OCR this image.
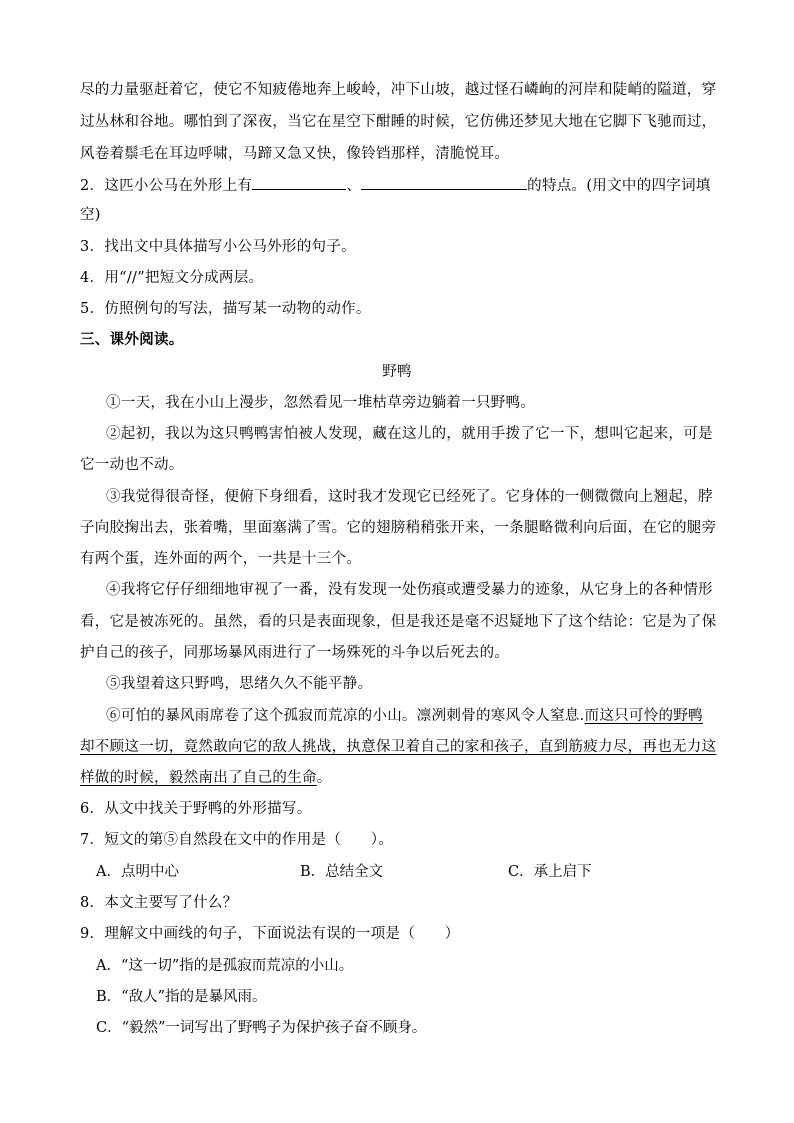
尽的力量驱赶着它，使它不知疲倦地奔上峻岭，冲下山坡，越过怪石嶙峋的河岸和陡峭的隘道，穿
过丛林和谷地。哪怕到了深夜，当它在星空下酣睡的时候，它仿佛还梦见大地在它脚下飞驰而过，
风卷着鬃毛在耳边呼啸，马蹄又急又快，像铃铛那样，清脆悦耳。
2．这匹小公马在外形上有	、	的特点。(用文中的四字词填
空)
3．找出文中具体描写小公马外形的句子。
4．用“//”把短文分成两层。
5．仿照例句的写法，描写某一动物的动作。
三、课外阅读。
野鸭
①一天，我在小山上漫步，忽然看见一堆枯草旁边躺着一只野鸭。
②起初，我以为这只鸭鸭害怕被人发现，藏在这儿的，就用手拨了它一下，想叫它起来，可是
它一动也不动。
③我觉得很奇怪，便俯下身细看，这时我才发现它已经死了。它身体的一侧微微向上翘起，脖
子向胶掬出去，张着嘴，里面塞满了雪。它的翅膀稍稍张开来，一条腿略微利向后面，在它的腿旁
有两个蛋，连外面的两个，一共是十三个。
④我将它仔仔细细地审视了一番，没有发现一处伤痕或遭受暴力的迹象，从它身上的各种情形
看，它是被冻死的。虽然，看的只是表面现象，但是我还是毫不迟疑地下了这个结论：它是为了保
护自己的孩子，同那场暴风雨进行了一场殊死的斗争以后死去的。
⑤我望着这只野鸣，思绪久久不能平静。
⑥可怕的暴风雨席卷了这个孤寂而荒凉的小山。凛冽刺骨的寒风令人窒息.而这只可怜的野鸭
却不顾这一切，竟然敢向它的敌人挑战，执意保卫着自己的家和孩子，直到筋疲力尽，再也无力这
样做的时候，毅然南出了自己的生命。
6．从文中找关于野鸭的外形描写。
7．短文的第⑤自然段在文中的作用是（　　）。
A．点明中心	B．总结全文	C．承上启下
8．本文主要写了什么？
9．理解文中画线的句子，下面说法有误的一项是（　　）
A．“这一切”指的是孤寂而荒凉的小山。
B．“敌人”指的是暴风雨。
C．“毅然”一词写出了野鸭子为保护孩子奋不顾身。
